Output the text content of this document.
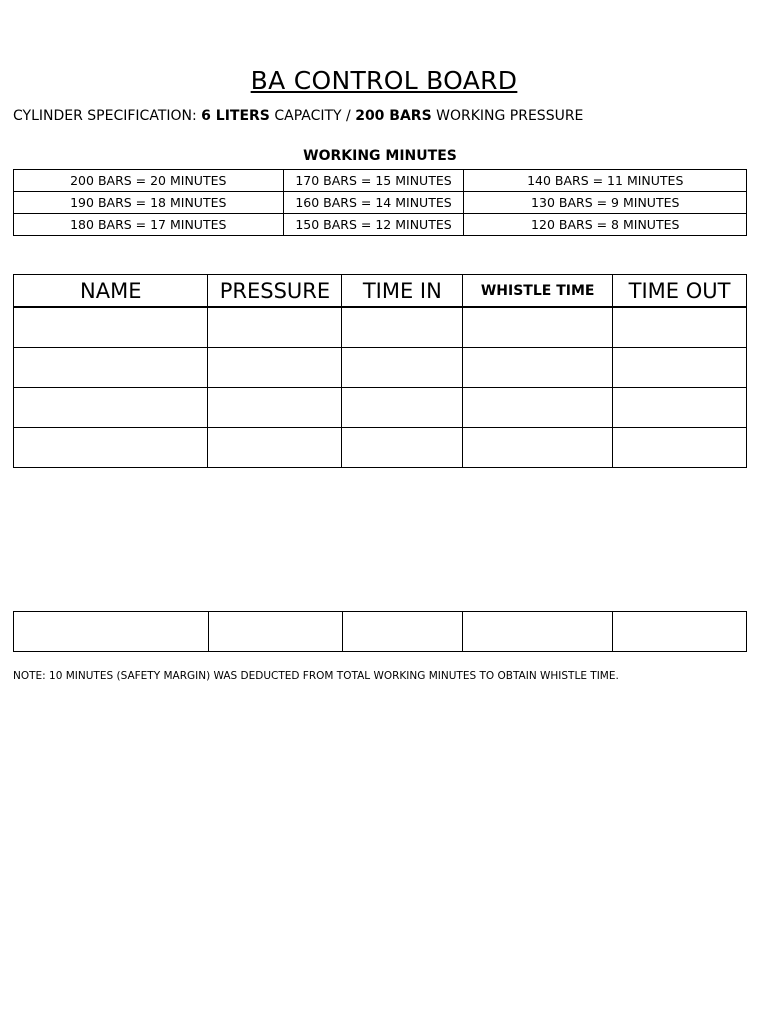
BA CONTROL BOARD
CYLINDER SPECIFICATION: 6 LITERS CAPACITY / 200 BARS WORKING PRESSURE
WORKING MINUTES
200 BARS = 20 MINUTES	170 BARS = 15 MINUTES	140 BARS = 11 MINUTES
190 BARS = 18 MINUTES	160 BARS = 14 MINUTES	130 BARS = 9 MINUTES
180 BARS = 17 MINUTES	150 BARS = 12 MINUTES	120 BARS = 8 MINUTES
NAME	PRESSURE	TIME IN	WHISTLE TIME	TIME OUT

NOTE: 10 MINUTES (SAFETY MARGIN) WAS DEDUCTED FROM TOTAL WORKING MINUTES TO OBTAIN WHISTLE TIME.
